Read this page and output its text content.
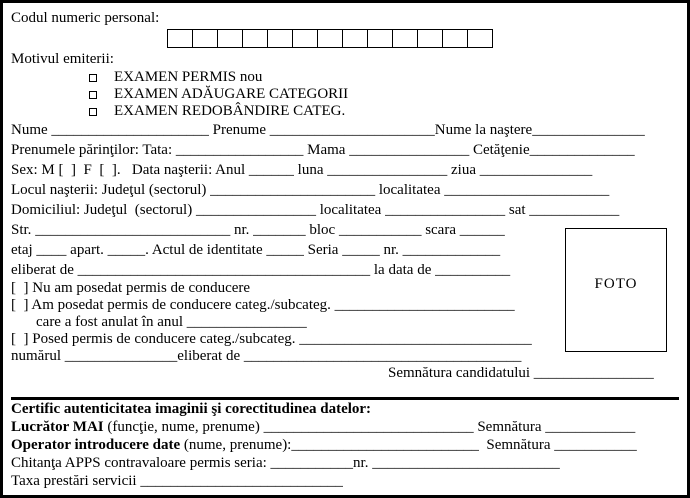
Codul numeric personal:
Motivul emiterii:
EXAMEN PERMIS nou
EXAMEN ADĂUGARE CATEGORII
EXAMEN REDOBÂNDIRE CATEG.
Nume _____________________ Prenume ______________________Nume la naştere_______________
Prenumele părinţilor: Tata: _________________ Mama ________________ Cetăţenie______________
Sex: M [  ]  F  [  ].   Data naşterii: Anul ______ luna ________________ ziua _______________
Locul naşterii: Judeţul (sectorul) ______________________ localitatea ______________________
Domiciliul: Judeţul  (sectorul) ________________ localitatea ________________ sat ____________
Str. __________________________ nr. _______ bloc ___________ scara ______
etaj ____ apart. _____. Actul de identitate _____ Seria _____ nr. _____________
eliberat de _______________________________________ la data de __________
[  ] Nu am posedat permis de conducere
[  ] Am posedat permis de conducere categ./subcateg. ________________________
care a fost anulat în anul ________________
[  ] Posed permis de conducere categ./subcateg. _______________________________
numărul _______________eliberat de _____________________________________
Semnătura candidatului ________________
Certific autenticitatea imaginii şi corectitudinea datelor:
Lucrător MAI (funcţie, nume, prenume) ____________________________ Semnătura ____________
Operator introducere date (nume, prenume):_________________________  Semnătura ___________
Chitanţa APPS contravaloare permis seria: ___________nr. _________________________
Taxa prestări servicii ___________________________
FOTO
